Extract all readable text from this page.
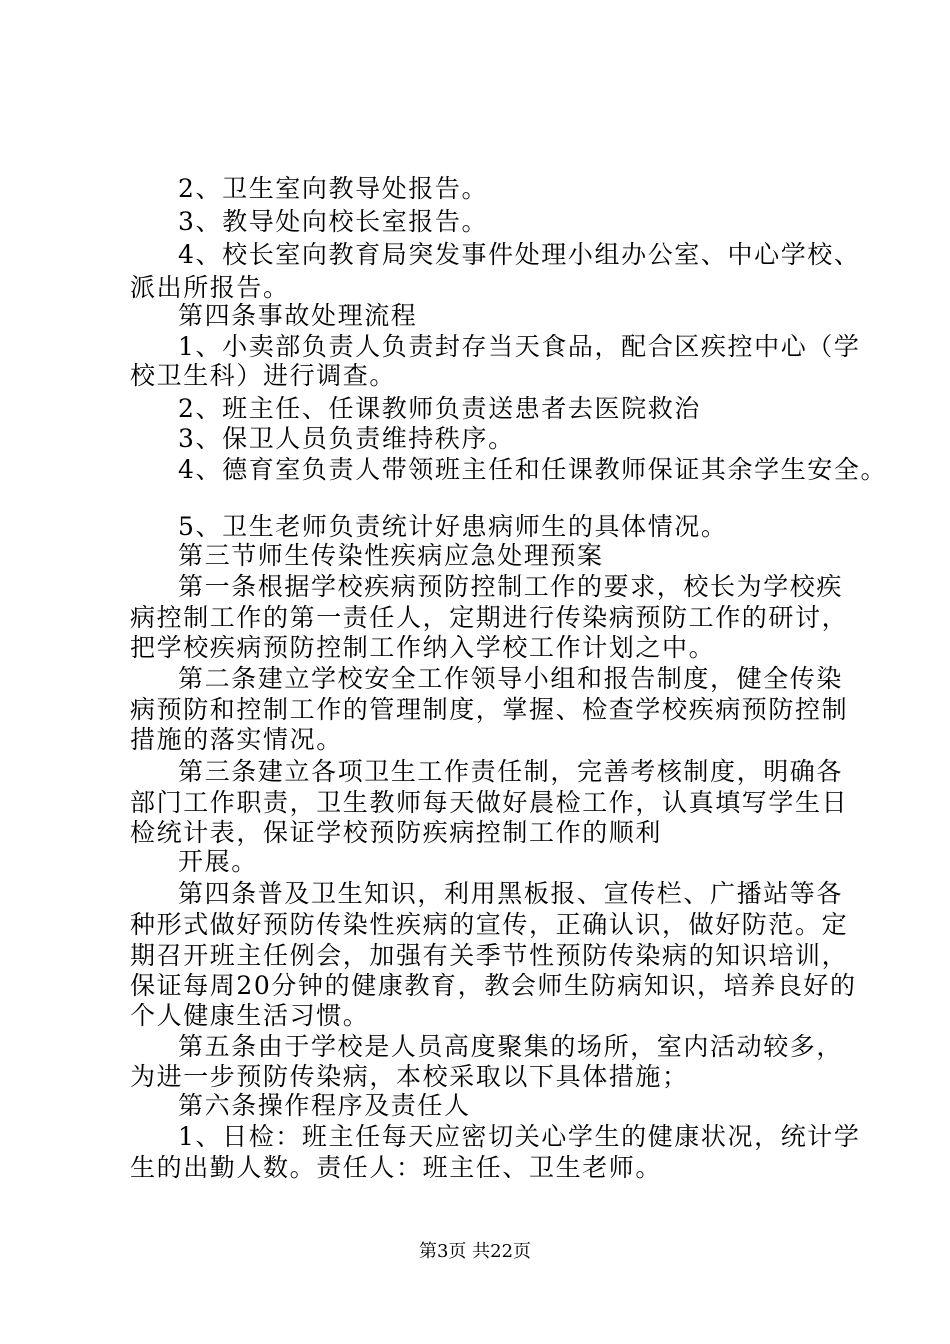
2、卫生室向教导处报告。
3、教导处向校长室报告。
4、校长室向教育局突发事件处理小组办公室、中心学校、
派出所报告。
第四条事故处理流程
1、小卖部负责人负责封存当天食品，配合区疾控中心（学
校卫生科）进行调查。
2、班主任、任课教师负责送患者去医院救治
3、保卫人员负责维持秩序。
4、德育室负责人带领班主任和任课教师保证其余学生安全。
5、卫生老师负责统计好患病师生的具体情况。
第三节师生传染性疾病应急处理预案
第一条根据学校疾病预防控制工作的要求，校长为学校疾
病控制工作的第一责任人，定期进行传染病预防工作的研讨，
把学校疾病预防控制工作纳入学校工作计划之中。
第二条建立学校安全工作领导小组和报告制度，健全传染
病预防和控制工作的管理制度，掌握、检查学校疾病预防控制
措施的落实情况。
第三条建立各项卫生工作责任制，完善考核制度，明确各
部门工作职责，卫生教师每天做好晨检工作，认真填写学生日
检统计表，保证学校预防疾病控制工作的顺利
开展。
第四条普及卫生知识，利用黑板报、宣传栏、广播站等各
种形式做好预防传染性疾病的宣传，正确认识，做好防范。定
期召开班主任例会，加强有关季节性预防传染病的知识培训，
保证每周20分钟的健康教育，教会师生防病知识，培养良好的
个人健康生活习惯。
第五条由于学校是人员高度聚集的场所，室内活动较多，
为进一步预防传染病，本校采取以下具体措施；
第六条操作程序及责任人
1、日检：班主任每天应密切关心学生的健康状况，统计学
生的出勤人数。责任人：班主任、卫生老师。
第3页 共22页
